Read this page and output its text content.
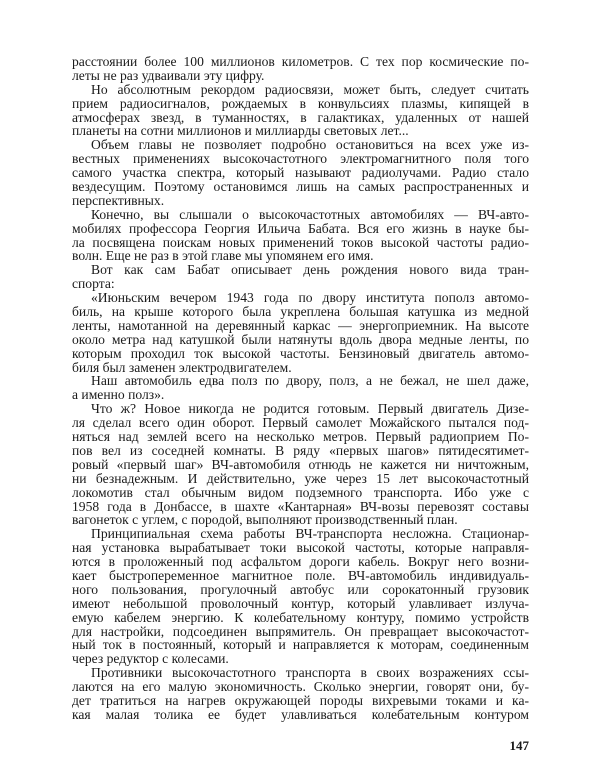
расстоянии более 100 миллионов километров. С тех пор космические по-
леты не раз удваивали эту цифру.
Но абсолютным рекордом радиосвязи, может быть, следует считать
прием радиосигналов, рождаемых в конвульсиях плазмы, кипящей в
атмосферах звезд, в туманностях, в галактиках, удаленных от нашей
планеты на сотни миллионов и миллиарды световых лет...
Объем главы не позволяет подробно остановиться на всех уже из-
вестных применениях высокочастотного электромагнитного поля того
самого участка спектра, который называют радиолучами. Радио стало
вездесущим. Поэтому остановимся лишь на самых распространенных и
перспективных.
Конечно, вы слышали о высокочастотных автомобилях — ВЧ-авто-
мобилях профессора Георгия Ильича Бабата. Вся его жизнь в науке бы-
ла посвящена поискам новых применений токов высокой частоты радио-
волн. Еще не раз в этой главе мы упомянем его имя.
Вот как сам Бабат описывает день рождения нового вида тран-
спорта:
«Июньским вечером 1943 года по двору института пополз автомо-
биль, на крыше которого была укреплена большая катушка из медной
ленты, намотанной на деревянный каркас — энергоприемник. На высоте
около метра над катушкой были натянуты вдоль двора медные ленты, по
которым проходил ток высокой частоты. Бензиновый двигатель автомо-
биля был заменен электродвигателем.
Наш автомобиль едва полз по двору, полз, а не бежал, не шел даже,
а именно полз».
Что ж? Новое никогда не родится готовым. Первый двигатель Дизе-
ля сделал всего один оборот. Первый самолет Можайского пытался под-
няться над землей всего на несколько метров. Первый радиоприем По-
пов вел из соседней комнаты. В ряду «первых шагов» пятидесятимет-
ровый «первый шаг» ВЧ-автомобиля отнюдь не кажется ни ничтожным,
ни безнадежным. И действительно, уже через 15 лет высокочастотный
локомотив стал обычным видом подземного транспорта. Ибо уже с
1958 года в Донбассе, в шахте «Кантарная» ВЧ-возы перевозят составы
вагонеток с углем, с породой, выполняют производственный план.
Принципиальная схема работы ВЧ-транспорта несложна. Стационар-
ная установка вырабатывает токи высокой частоты, которые направля-
ются в проложенный под асфальтом дороги кабель. Вокруг него возни-
кает быстропеременное магнитное поле. ВЧ-автомобиль индивидуаль-
ного пользования, прогулочный автобус или сорокатонный грузовик
имеют небольшой проволочный контур, который улавливает излуча-
емую кабелем энергию. К колебательному контуру, помимо устройств
для настройки, подсоединен выпрямитель. Он превращает высокочастот-
ный ток в постоянный, который и направляется к моторам, соединенным
через редуктор с колесами.
Противники высокочастотного транспорта в своих возражениях ссы-
лаются на его малую экономичность. Сколько энергии, говорят они, бу-
дет тратиться на нагрев окружающей породы вихревыми токами и ка-
кая малая толика ее будет улавливаться колебательным контуром
147
